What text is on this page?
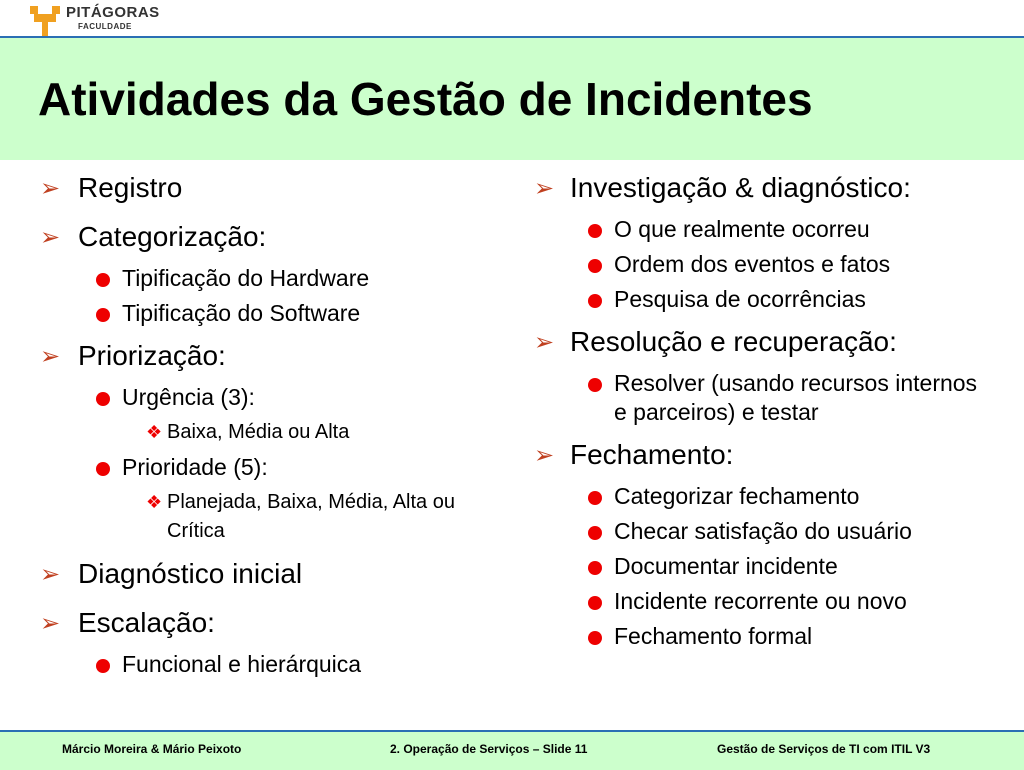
PITÁGORAS
FACULDADE
Atividades da Gestão de Incidentes
➢ Registro
➢ Categorização:
Tipificação do Hardware
Tipificação do Software
➢ Priorização:
Urgência (3):
❖ Baixa, Média ou Alta
Prioridade (5):
❖ Planejada, Baixa, Média, Alta ou Crítica
➢ Diagnóstico inicial
➢ Escalação:
Funcional e hierárquica
➢ Investigação & diagnóstico:
O que realmente ocorreu
Ordem dos eventos e fatos
Pesquisa de ocorrências
➢ Resolução e recuperação:
Resolver (usando recursos internos e parceiros) e testar
➢ Fechamento:
Categorizar fechamento
Checar satisfação do usuário
Documentar incidente
Incidente recorrente ou novo
Fechamento formal
Márcio Moreira & Mário Peixoto	2. Operação de Serviços – Slide 11	Gestão de Serviços de TI com ITIL V3
